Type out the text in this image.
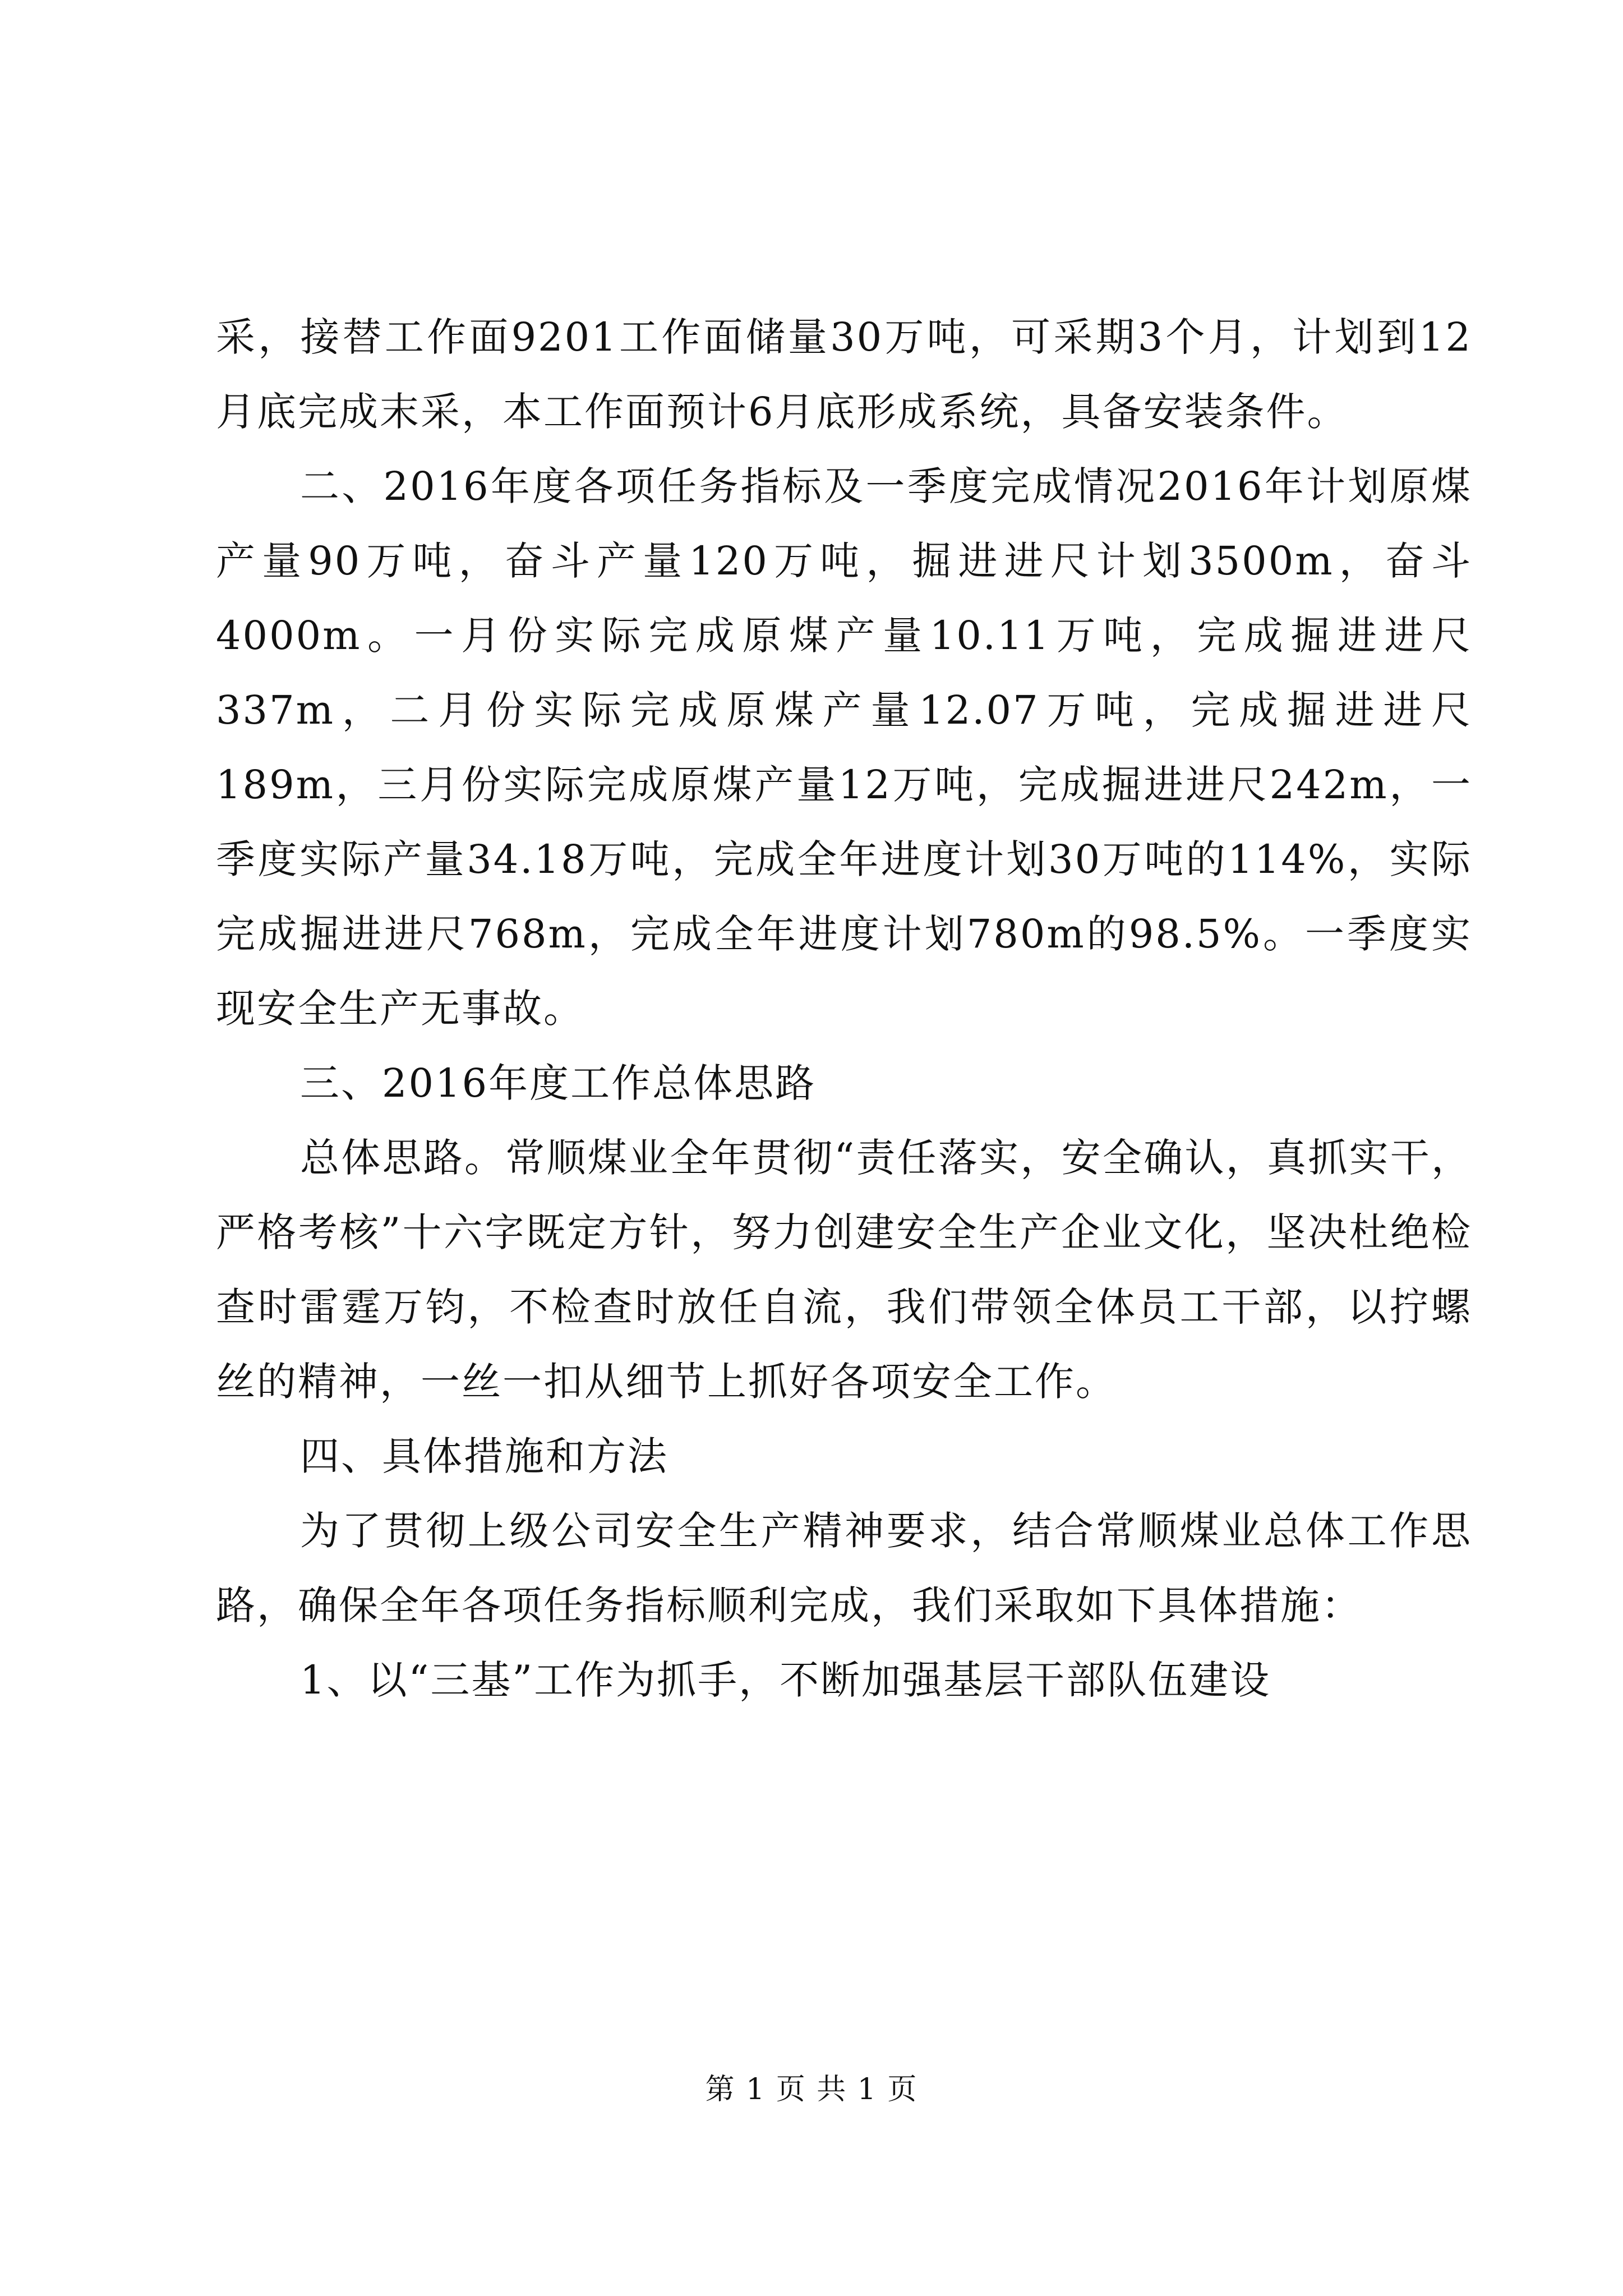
采，接替工作面9201工作面储量30万吨，可采期3个月，计划到12月底完成末采，本工作面预计6月底形成系统，具备安装条件。

二、2016年度各项任务指标及一季度完成情况2016年计划原煤产量90万吨，奋斗产量120万吨，掘进进尺计划3500m，奋斗4000m。一月份实际完成原煤产量10.11万吨，完成掘进进尺337m，二月份实际完成原煤产量12.07万吨，完成掘进进尺189m，三月份实际完成原煤产量12万吨，完成掘进进尺242m，一季度实际产量34.18万吨，完成全年进度计划30万吨的114%，实际完成掘进进尺768m，完成全年进度计划780m的98.5%。一季度实现安全生产无事故。

三、2016年度工作总体思路

总体思路。常顺煤业全年贯彻“责任落实，安全确认，真抓实干，严格考核”十六字既定方针，努力创建安全生产企业文化，坚决杜绝检查时雷霆万钧，不检查时放任自流，我们带领全体员工干部，以拧螺丝的精神，一丝一扣从细节上抓好各项安全工作。

四、具体措施和方法

为了贯彻上级公司安全生产精神要求，结合常顺煤业总体工作思路，确保全年各项任务指标顺利完成，我们采取如下具体措施：

1、以“三基”工作为抓手，不断加强基层干部队伍建设

第 1 页 共 1 页
